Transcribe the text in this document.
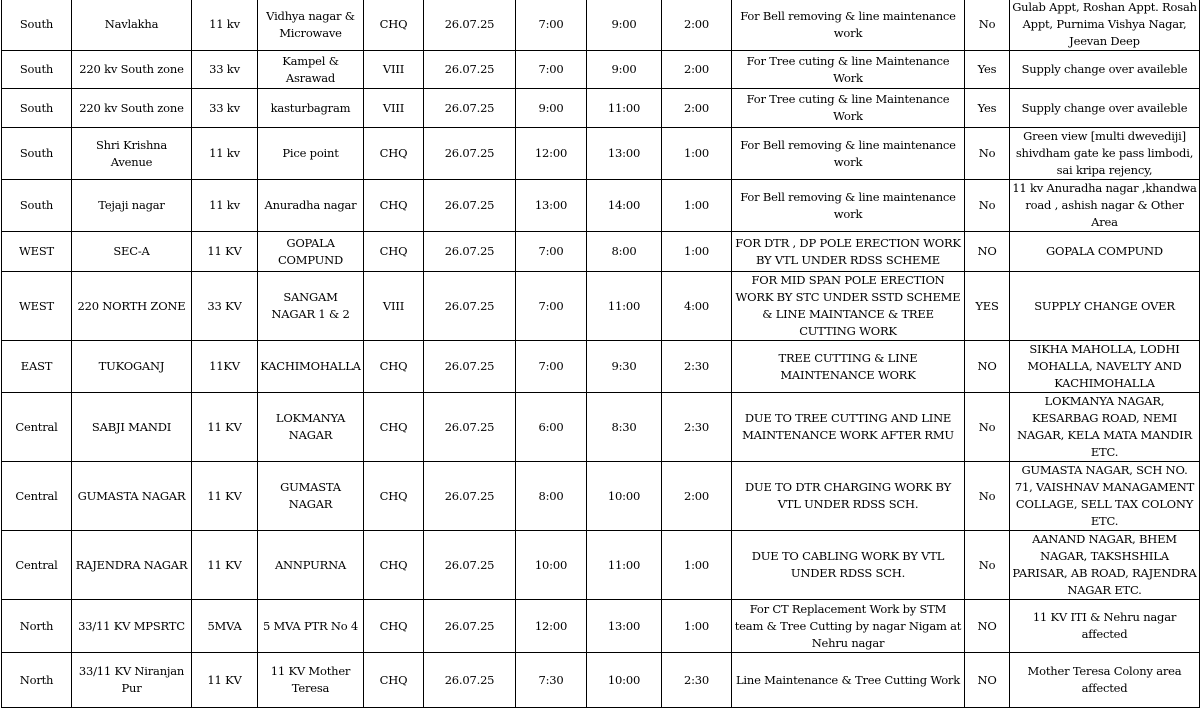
South	Navlakha	11 kv	Vidhya nagar & Microwave	CHQ	26.07.25	7:00	9:00	2:00	For Bell removing & line maintenance work	No	Gulab Appt, Roshan Appt. Rosah Appt, Purnima Vishya Nagar, Jeevan Deep
South	220 kv South zone	33 kv	Kampel & Asrawad	VIII	26.07.25	7:00	9:00	2:00	For Tree cuting & line Maintenance Work	Yes	Supply change over availeble
South	220 kv South zone	33 kv	kasturbagram	VIII	26.07.25	9:00	11:00	2:00	For Tree cuting & line Maintenance Work	Yes	Supply change over availeble
South	Shri Krishna Avenue	11 kv	Pice point	CHQ	26.07.25	12:00	13:00	1:00	For Bell removing & line maintenance work	No	Green view [multi dwevediji] shivdham gate ke pass limbodi, sai kripa rejency,
South	Tejaji nagar	11 kv	Anuradha nagar	CHQ	26.07.25	13:00	14:00	1:00	For Bell removing & line maintenance work	No	11 kv Anuradha nagar ,khandwa road , ashish nagar & Other Area
WEST	SEC-A	11 KV	GOPALA COMPUND	CHQ	26.07.25	7:00	8:00	1:00	FOR DTR , DP POLE ERECTION WORK BY VTL UNDER RDSS SCHEME	NO	GOPALA COMPUND
WEST	220 NORTH ZONE	33 KV	SANGAM NAGAR 1 & 2	VIII	26.07.25	7:00	11:00	4:00	FOR MID SPAN POLE ERECTION WORK BY STC UNDER SSTD SCHEME & LINE MAINTANCE & TREE CUTTING WORK	YES	SUPPLY CHANGE OVER
EAST	TUKOGANJ	11KV	KACHIMOHALLA	CHQ	26.07.25	7:00	9:30	2:30	TREE CUTTING & LINE MAINTENANCE WORK	NO	SIKHA MAHOLLA, LODHI MOHALLA, NAVELTY AND KACHIMOHALLA
Central	SABJI MANDI	11 KV	LOKMANYA NAGAR	CHQ	26.07.25	6:00	8:30	2:30	DUE TO TREE CUTTING AND LINE MAINTENANCE WORK AFTER RMU	No	LOKMANYA NAGAR, KESARBAG ROAD, NEMI NAGAR, KELA MATA MANDIR ETC.
Central	GUMASTA NAGAR	11 KV	GUMASTA NAGAR	CHQ	26.07.25	8:00	10:00	2:00	DUE TO DTR CHARGING WORK BY VTL UNDER RDSS SCH.	No	GUMASTA NAGAR, SCH NO. 71, VAISHNAV MANAGAMENT COLLAGE, SELL TAX COLONY ETC.
Central	RAJENDRA NAGAR	11 KV	ANNPURNA	CHQ	26.07.25	10:00	11:00	1:00	DUE TO CABLING WORK BY VTL UNDER RDSS SCH.	No	AANAND NAGAR, BHEM NAGAR, TAKSHSHILA PARISAR, AB ROAD, RAJENDRA NAGAR ETC.
North	33/11 KV MPSRTC	5MVA	5 MVA PTR No 4	CHQ	26.07.25	12:00	13:00	1:00	For CT Replacement Work by STM team & Tree Cutting by nagar Nigam at Nehru nagar	NO	11 KV ITI & Nehru nagar affected
North	33/11 KV Niranjan Pur	11 KV	11 KV Mother Teresa	CHQ	26.07.25	7:30	10:00	2:30	Line Maintenance & Tree Cutting Work	NO	Mother Teresa Colony area affected
